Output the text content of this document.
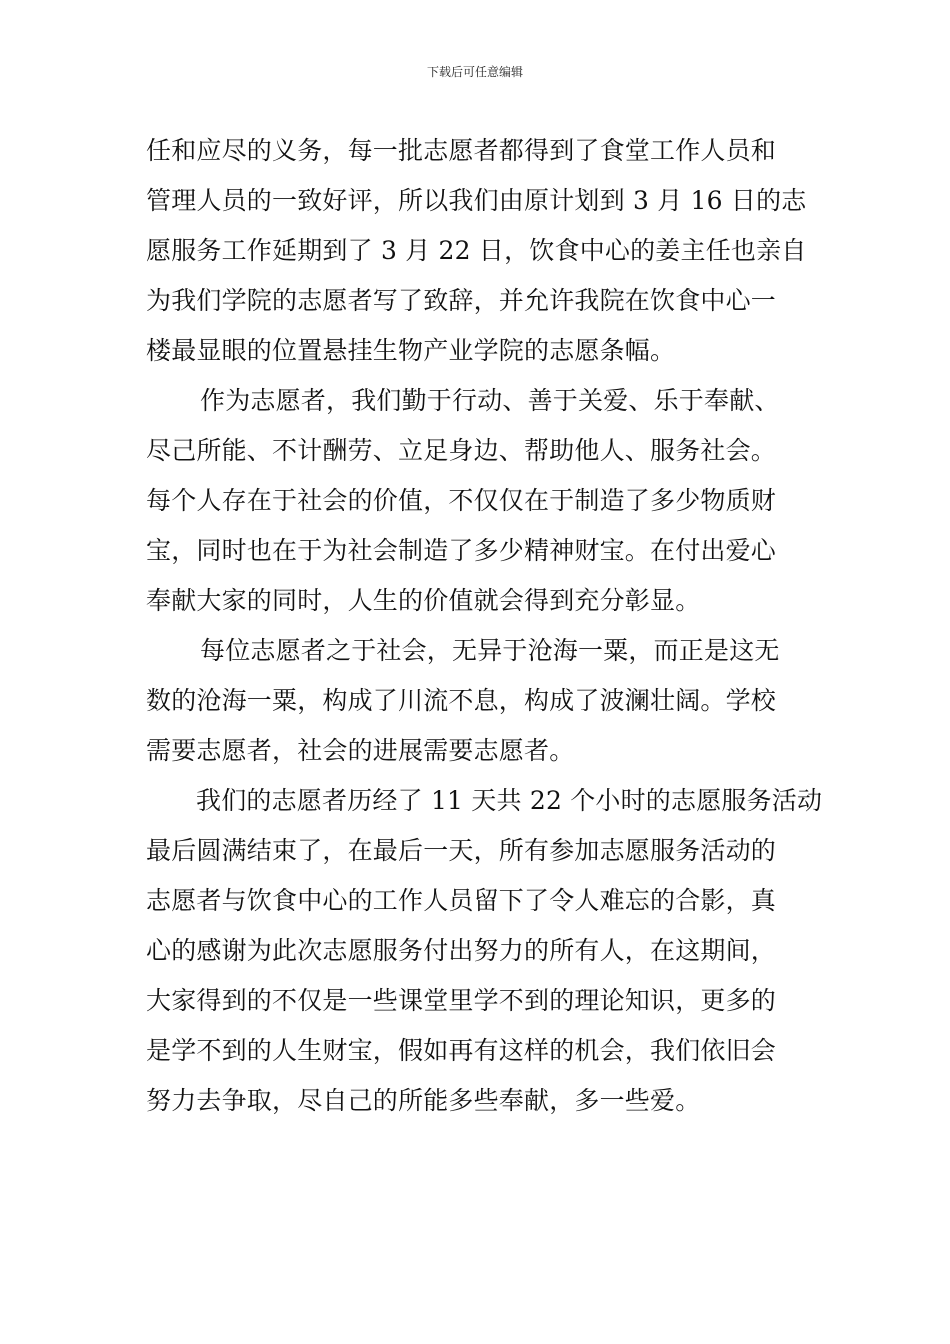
下载后可任意编辑
任和应尽的义务，每一批志愿者都得到了食堂工作人员和
管理人员的一致好评，所以我们由原计划到 3 月 16 日的志
愿服务工作延期到了 3 月 22 日，饮食中心的姜主任也亲自
为我们学院的志愿者写了致辞，并允许我院在饮食中心一
楼最显眼的位置悬挂生物产业学院的志愿条幅。
作为志愿者，我们勤于行动、善于关爱、乐于奉献、
尽己所能、不计酬劳、立足身边、帮助他人、服务社会。
每个人存在于社会的价值，不仅仅在于制造了多少物质财
宝，同时也在于为社会制造了多少精神财宝。在付出爱心
奉献大家的同时，人生的价值就会得到充分彰显。
每位志愿者之于社会，无异于沧海一粟，而正是这无
数的沧海一粟，构成了川流不息，构成了波澜壮阔。学校
需要志愿者，社会的进展需要志愿者。
我们的志愿者历经了 11 天共 22 个小时的志愿服务活动
最后圆满结束了，在最后一天，所有参加志愿服务活动的
志愿者与饮食中心的工作人员留下了令人难忘的合影，真
心的感谢为此次志愿服务付出努力的所有人，在这期间，
大家得到的不仅是一些课堂里学不到的理论知识，更多的
是学不到的人生财宝，假如再有这样的机会，我们依旧会
努力去争取，尽自己的所能多些奉献，多一些爱。
